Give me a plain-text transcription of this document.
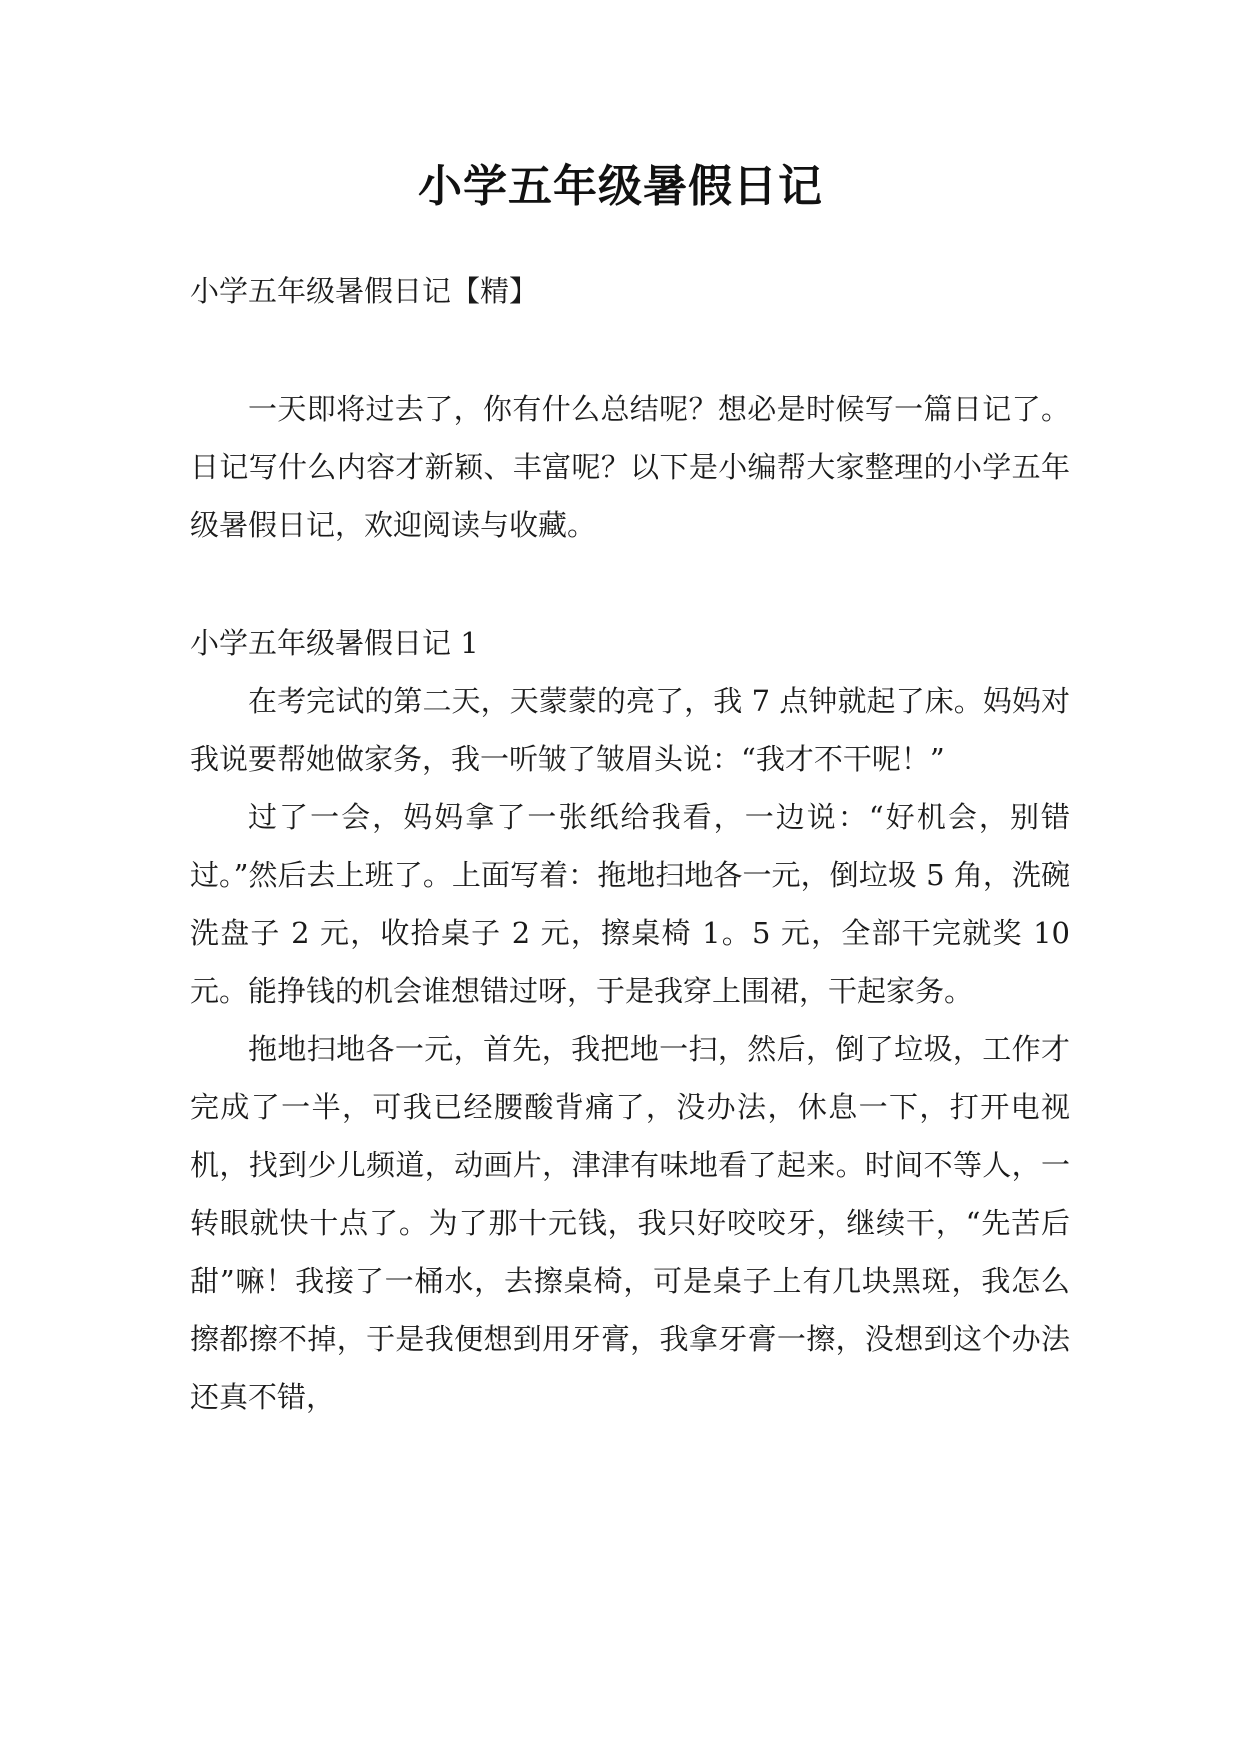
小学五年级暑假日记

小学五年级暑假日记【精】

一天即将过去了，你有什么总结呢？想必是时候写一篇日记了。日记写什么内容才新颖、丰富呢？以下是小编帮大家整理的小学五年级暑假日记，欢迎阅读与收藏。

小学五年级暑假日记 1

在考完试的第二天，天蒙蒙的亮了，我 7 点钟就起了床。妈妈对我说要帮她做家务，我一听皱了皱眉头说：“我才不干呢！”

过了一会，妈妈拿了一张纸给我看，一边说：“好机会，别错过。”然后去上班了。上面写着：拖地扫地各一元，倒垃圾 5 角，洗碗洗盘子 2 元，收拾桌子 2 元，擦桌椅 1。5 元，全部干完就奖 10 元。能挣钱的机会谁想错过呀，于是我穿上围裙，干起家务。

拖地扫地各一元，首先，我把地一扫，然后，倒了垃圾，工作才完成了一半，可我已经腰酸背痛了，没办法，休息一下，打开电视机，找到少儿频道，动画片，津津有味地看了起来。时间不等人，一转眼就快十点了。为了那十元钱，我只好咬咬牙，继续干，“先苦后甜”嘛！我接了一桶水，去擦桌椅，可是桌子上有几块黑斑，我怎么擦都擦不掉，于是我便想到用牙膏，我拿牙膏一擦，没想到这个办法还真不错，
